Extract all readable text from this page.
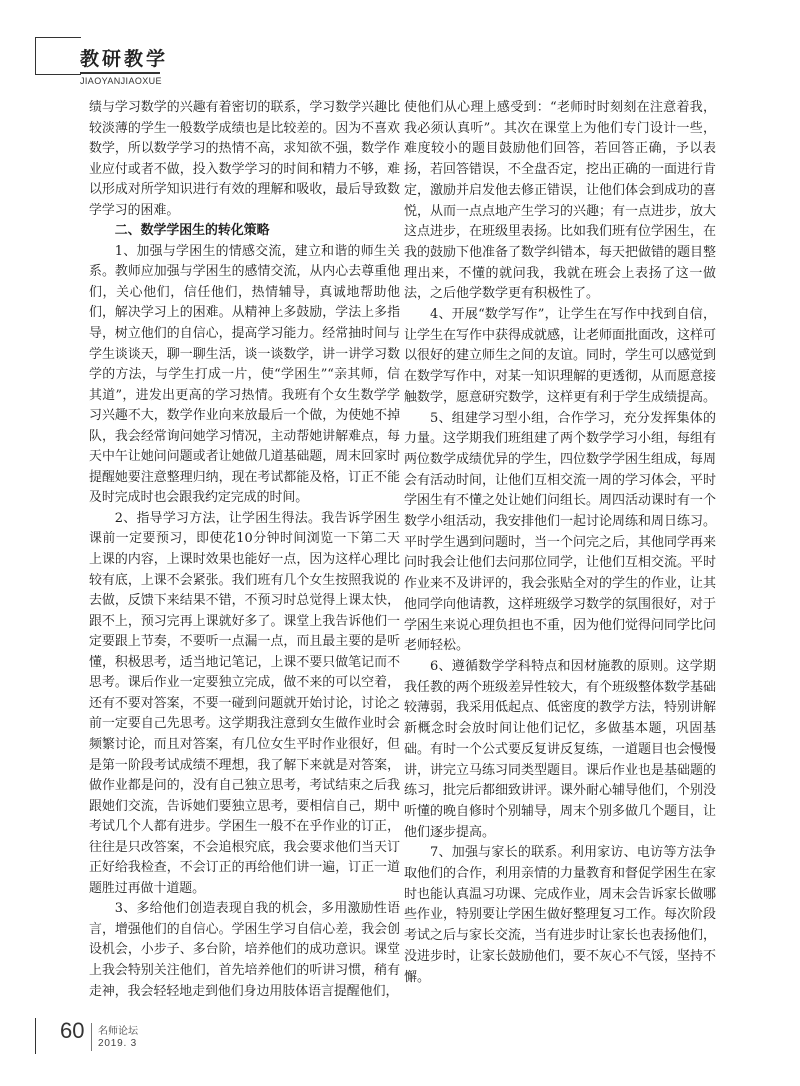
教研教学
JIAOYANJIAOXUE

绩与学习数学的兴趣有着密切的联系，学习数学兴趣比较淡薄的学生一般数学成绩也是比较差的。因为不喜欢数学，所以数学学习的热情不高，求知欲不强，数学作业应付或者不做，投入数学学习的时间和精力不够，难以形成对所学知识进行有效的理解和吸收，最后导致数学学习的困难。

二、数学学困生的转化策略

1、加强与学困生的情感交流，建立和谐的师生关系。教师应加强与学困生的感情交流，从内心去尊重他们，关心他们，信任他们，热情辅导，真诚地帮助他们，解决学习上的困难。从精神上多鼓励，学法上多指导，树立他们的自信心，提高学习能力。经常抽时间与学生谈谈天，聊一聊生活，谈一谈数学，讲一讲学习数学的方法，与学生打成一片，使“学困生”“亲其师，信其道”，进发出更高的学习热情。我班有个女生数学学习兴趣不大，数学作业向来放最后一个做，为使她不掉队，我会经常询问她学习情况，主动帮她讲解难点，每天中午让她问问题或者让她做几道基础题，周末回家时提醒她要注意整理归纳，现在考试都能及格，订正不能及时完成时也会跟我约定完成的时间。

2、指导学习方法，让学困生得法。我告诉学困生课前一定要预习，即使花10分钟时间浏览一下第二天上课的内容，上课时效果也能好一点，因为这样心理比较有底，上课不会紧张。我们班有几个女生按照我说的去做，反馈下来结果不错，不预习时总觉得上课太快，跟不上，预习完再上课就好多了。课堂上我告诉他们一定要跟上节奏，不要听一点漏一点，而且最主要的是听懂，积极思考，适当地记笔记，上课不要只做笔记而不思考。课后作业一定要独立完成，做不来的可以空着，还有不要对答案，不要一碰到问题就开始讨论，讨论之前一定要自己先思考。这学期我注意到女生做作业时会频繁讨论，而且对答案，有几位女生平时作业很好，但是第一阶段考试成绩不理想，我了解下来就是对答案，做作业都是问的，没有自己独立思考，考试结束之后我跟她们交流，告诉她们要独立思考，要相信自己，期中考试几个人都有进步。学困生一般不在乎作业的订正，往往是只改答案，不会追根究底，我会要求他们当天订正好给我检查，不会订正的再给他们讲一遍，订正一道题胜过再做十道题。

3、多给他们创造表现自我的机会，多用激励性语言，增强他们的自信心。学困生学习自信心差，我会创设机会，小步子、多台阶，培养他们的成功意识。课堂上我会特别关注他们，首先培养他们的听讲习惯，稍有走神，我会轻轻地走到他们身边用肢体语言提醒他们，

使他们从心理上感受到：“老师时时刻刻在注意着我，我必须认真听”。其次在课堂上为他们专门设计一些，难度较小的题目鼓励他们回答，若回答正确，予以表扬，若回答错误，不全盘否定，挖出正确的一面进行肯定，激励并启发他去修正错误，让他们体会到成功的喜悦，从而一点点地产生学习的兴趣；有一点进步，放大这点进步，在班级里表扬。比如我们班有位学困生，在我的鼓励下他准备了数学纠错本，每天把做错的题目整理出来，不懂的就问我，我就在班会上表扬了这一做法，之后他学数学更有积极性了。

4、开展“数学写作”，让学生在写作中找到自信，让学生在写作中获得成就感，让老师面批面改，这样可以很好的建立师生之间的友谊。同时，学生可以感觉到在数学写作中，对某一知识理解的更透彻，从而愿意接触数学，愿意研究数学，这样更有利于学生成绩提高。

5、组建学习型小组，合作学习，充分发挥集体的力量。这学期我们班组建了两个数学学习小组，每组有两位数学成绩优异的学生，四位数学学困生组成，每周会有活动时间，让他们互相交流一周的学习体会，平时学困生有不懂之处让她们问组长。周四活动课时有一个数学小组活动，我安排他们一起讨论周练和周日练习。平时学生遇到问题时，当一个问完之后，其他同学再来问时我会让他们去问那位同学，让他们互相交流。平时作业来不及讲评的，我会张贴全对的学生的作业，让其他同学向他请教，这样班级学习数学的氛围很好，对于学困生来说心理负担也不重，因为他们觉得问同学比问老师轻松。

6、遵循数学学科特点和因材施教的原则。这学期我任教的两个班级差异性较大，有个班级整体数学基础较薄弱，我采用低起点、低密度的教学方法，特别讲解新概念时会放时间让他们记忆，多做基本题，巩固基础。有时一个公式要反复讲反复练，一道题目也会慢慢讲，讲完立马练习同类型题目。课后作业也是基础题的练习，批完后都细致讲评。课外耐心辅导他们，个别没听懂的晚自修时个别辅导，周末个别多做几个题目，让他们逐步提高。

7、加强与家长的联系。利用家访、电访等方法争取他们的合作，利用亲情的力量教育和督促学困生在家时也能认真温习功课、完成作业，周末会告诉家长做哪些作业，特别要让学困生做好整理复习工作。每次阶段考试之后与家长交流，当有进步时让家长也表扬他们，没进步时，让家长鼓励他们，要不灰心不气馁，坚持不懈。

60 名师论坛
2019. 3
